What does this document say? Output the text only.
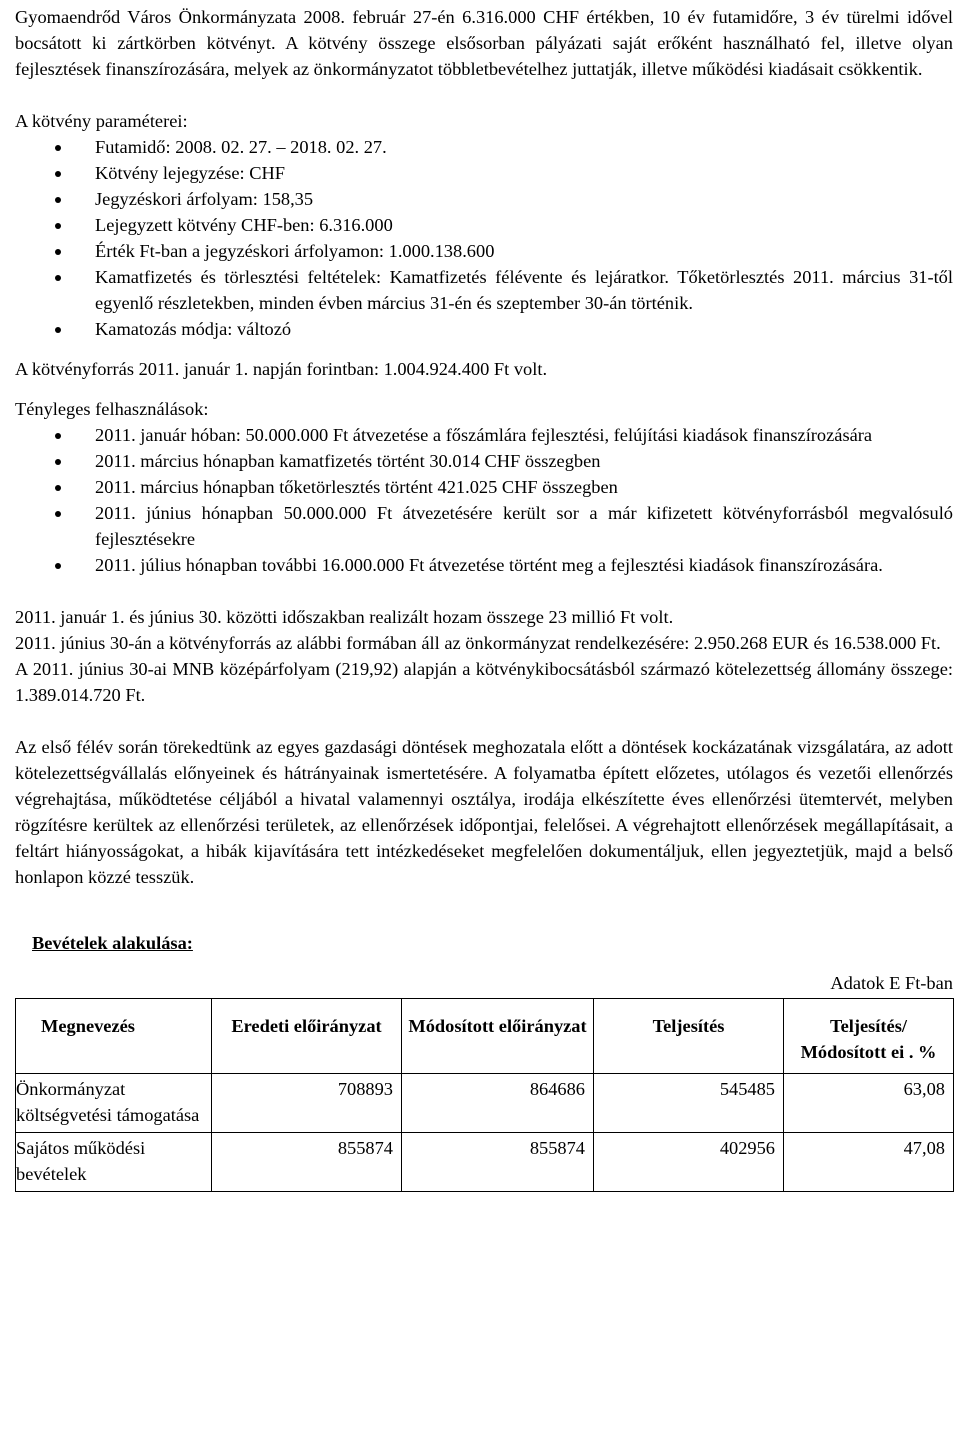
Gyomaendrőd Város Önkormányzata 2008. február 27-én 6.316.000 CHF értékben, 10 év futamidőre, 3 év türelmi idővel bocsátott ki zártkörben kötvényt. A kötvény összege elsősorban pályázati saját erőként használható fel, illetve olyan fejlesztések finanszírozására, melyek az önkormányzatot többletbevételhez juttatják, illetve működési kiadásait csökkentik.

A kötvény paraméterei:

Futamidő: 2008. 02. 27. – 2018. 02. 27.
Kötvény lejegyzése: CHF
Jegyzéskori árfolyam: 158,35
Lejegyzett kötvény CHF-ben: 6.316.000
Érték Ft-ban a jegyzéskori árfolyamon: 1.000.138.600
Kamatfizetés és törlesztési feltételek: Kamatfizetés félévente és lejáratkor. Tőketörlesztés 2011. március 31-től egyenlő részletekben, minden évben március 31-én és szeptember 30-án történik.
Kamatozás módja: változó

A kötvényforrás 2011. január 1. napján forintban: 1.004.924.400 Ft volt.

Tényleges felhasználások:

2011. január hóban: 50.000.000 Ft átvezetése a főszámlára fejlesztési, felújítási kiadások finanszírozására
2011. március hónapban kamatfizetés történt 30.014 CHF összegben
2011. március hónapban tőketörlesztés történt 421.025 CHF összegben
2011. június hónapban 50.000.000 Ft átvezetésére került sor a már kifizetett kötvényforrásból megvalósuló fejlesztésekre
2011. július hónapban további 16.000.000 Ft átvezetése történt meg a fejlesztési kiadások finanszírozására.

2011. január 1. és június 30. közötti időszakban realizált hozam összege 23 millió Ft volt.

2011. június 30-án a kötvényforrás az alábbi formában áll az önkormányzat rendelkezésére: 2.950.268 EUR és 16.538.000 Ft.

A 2011. június 30-ai MNB középárfolyam (219,92) alapján a kötvénykibocsátásból származó kötelezettség állomány összege: 1.389.014.720 Ft.

Az első félév során törekedtünk az egyes gazdasági döntések meghozatala előtt a döntések kockázatának vizsgálatára, az adott kötelezettségvállalás előnyeinek és hátrányainak ismertetésére. A folyamatba épített előzetes, utólagos és vezetői ellenőrzés végrehajtása, működtetése céljából a hivatal valamennyi osztálya, irodája elkészítette éves ellenőrzési ütemtervét, melyben rögzítésre kerültek az ellenőrzési területek, az ellenőrzések időpontjai, felelősei. A végrehajtott ellenőrzések megállapításait, a feltárt hiányosságokat, a hibák kijavítására tett intézkedéseket megfelelően dokumentáljuk, ellen jegyeztetjük, majd a belső honlapon közzé tesszük.

Bevételek alakulása:

Adatok E Ft-ban

Megnevezés	Eredeti előirányzat	Módosított előirányzat	Teljesítés	Teljesítés/ Módosított ei . %
Önkormányzat költségvetési támogatása	708893	864686	545485	63,08
Sajátos működési bevételek	855874	855874	402956	47,08
